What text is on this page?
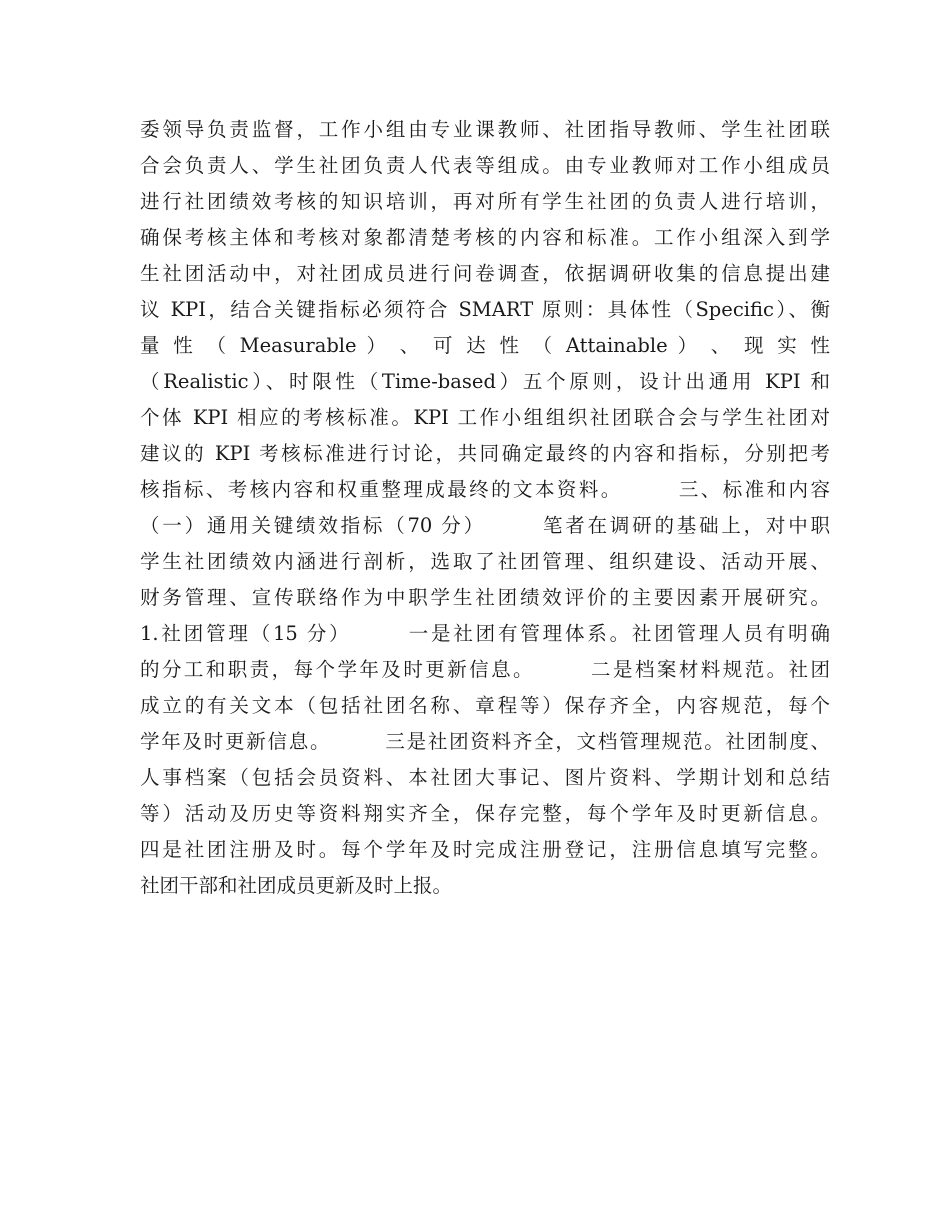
委领导负责监督，工作小组由专业课教师、社团指导教师、学生社团联
合会负责人、学生社团负责人代表等组成。由专业教师对工作小组成员
进行社团绩效考核的知识培训，再对所有学生社团的负责人进行培训，
确保考核主体和考核对象都清楚考核的内容和标准。工作小组深入到学
生社团活动中，对社团成员进行问卷调查，依据调研收集的信息提出建
议 KPI，结合关键指标必须符合 SMART 原则：具体性（Specific）、衡
量 性 （ Measurable ） 、 可 达 性 （ Attainable ） 、 现 实 性
（Realistic）、时限性（Time-based）五个原则，设计出通用 KPI 和
个体 KPI 相应的考核标准。KPI 工作小组组织社团联合会与学生社团对
建议的 KPI 考核标准进行讨论，共同确定最终的内容和指标，分别把考
核指标、考核内容和权重整理成最终的文本资料。　　　三、标准和内容
（一）通用关键绩效指标（70 分）　　　笔者在调研的基础上，对中职
学生社团绩效内涵进行剖析，选取了社团管理、组织建设、活动开展、
财务管理、宣传联络作为中职学生社团绩效评价的主要因素开展研究。
1.社团管理（15 分）　　　一是社团有管理体系。社团管理人员有明确
的分工和职责，每个学年及时更新信息。　　　二是档案材料规范。社团
成立的有关文本（包括社团名称、章程等）保存齐全，内容规范，每个
学年及时更新信息。　　　三是社团资料齐全，文档管理规范。社团制度、
人事档案（包括会员资料、本社团大事记、图片资料、学期计划和总结
等）活动及历史等资料翔实齐全，保存完整，每个学年及时更新信息。
四是社团注册及时。每个学年及时完成注册登记，注册信息填写完整。
社团干部和社团成员更新及时上报。
